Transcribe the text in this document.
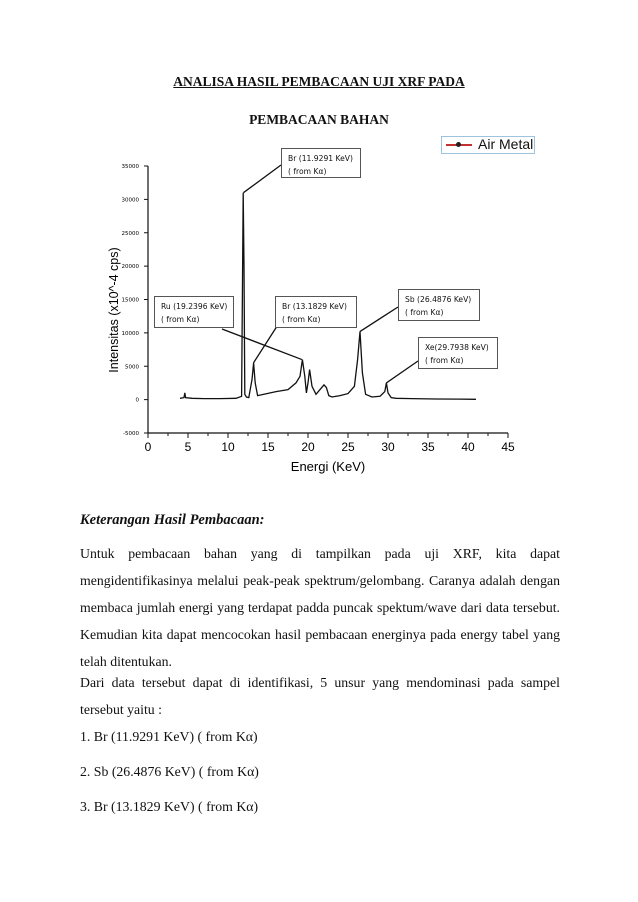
ANALISA HASIL PEMBACAAN UJI XRF PADA
PEMBACAAN BAHAN
0	5 10 15 20 25 30 35 40 45
-5000
0
5000
10000
15000
20000
25000
30000
35000
Energi (KeV)
Intensitas (x10^-4 cps)
Air Metal
Br (11.9291 KeV)
( from Kα)
Ru (19.2396 KeV)
( from Kα)
Br (13.1829 KeV)
( from Kα)
Sb (26.4876 KeV)
( from Kα)
Xe(29.7938 KeV)
( from Kα)
Keterangan Hasil Pembacaan:
Untuk pembacaan bahan yang di tampilkan pada uji XRF, kita dapat mengidentifikasinya melalui peak-peak spektrum/gelombang. Caranya adalah dengan membaca jumlah energi yang terdapat padda puncak spektum/wave dari data tersebut. Kemudian kita dapat mencocokan hasil pembacaan energinya pada energy tabel yang telah ditentukan.
Dari data tersebut dapat di identifikasi, 5 unsur yang mendominasi pada sampel tersebut yaitu :
1. Br (11.9291 KeV) ( from Kα)
2. Sb (26.4876 KeV) ( from Kα)
3. Br (13.1829 KeV) ( from Kα)
